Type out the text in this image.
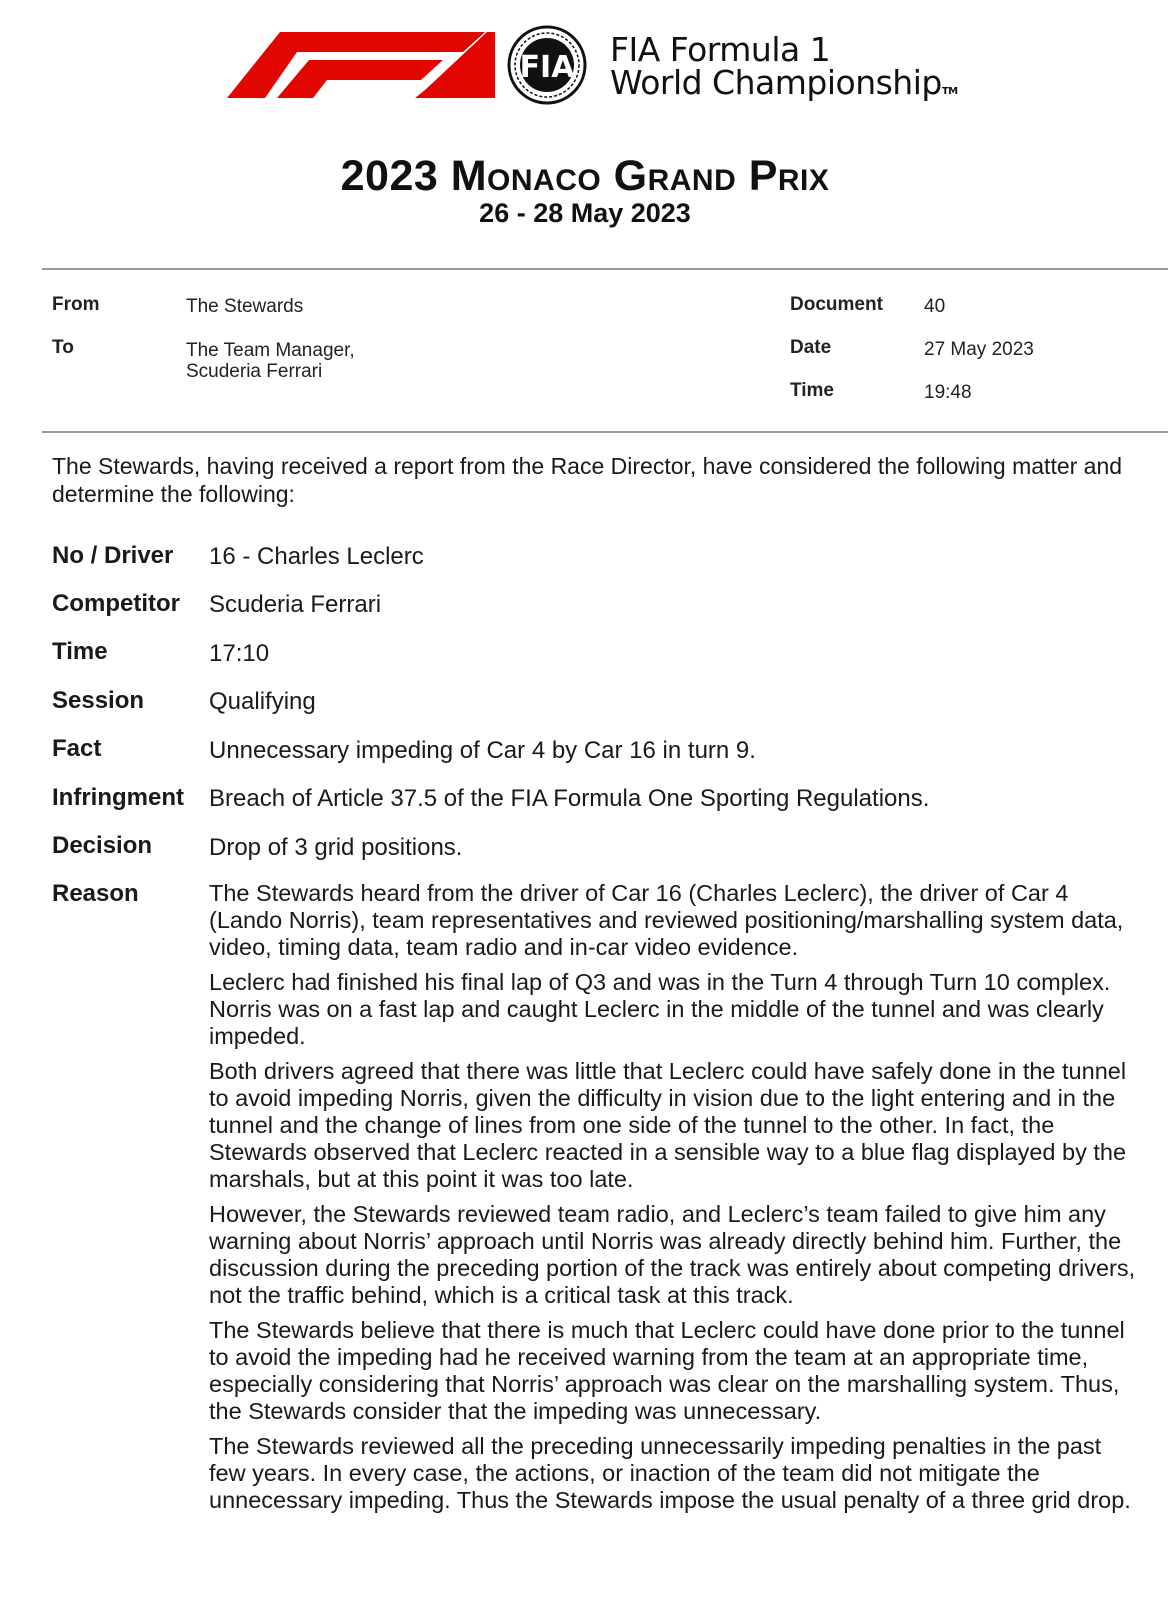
FIA FIA Formula 1
World ChampionshipTM
2023 Monaco Grand Prix
26 - 28 May 2023
From	The Stewards
To	The Team Manager,
Scuderia Ferrari
Document 40
Date	27 May 2023
Time	19:48
The Stewards, having received a report from the Race Director, have considered the following matter and determine the following:
No / Driver 16 - Charles Leclerc
Competitor Scuderia Ferrari
Time	17:10
Session	Qualifying
Fact	Unnecessary impeding of Car 4 by Car 16 in turn 9.
Infringment Breach of Article 37.5 of the FIA Formula One Sporting Regulations.
Decision Drop of 3 grid positions.
Reason	The Stewards heard from the driver of Car 16 (Charles Leclerc), the driver of Car 4 (Lando Norris), team representatives and reviewed positioning/marshalling system data, video, timing data, team radio and in-car video evidence.

Leclerc had finished his final lap of Q3 and was in the Turn 4 through Turn 10 complex. Norris was on a fast lap and caught Leclerc in the middle of the tunnel and was clearly impeded.

Both drivers agreed that there was little that Leclerc could have safely done in the tunnel to avoid impeding Norris, given the difficulty in vision due to the light entering and in the tunnel and the change of lines from one side of the tunnel to the other. In fact, the Stewards observed that Leclerc reacted in a sensible way to a blue flag displayed by the marshals, but at this point it was too late.

However, the Stewards reviewed team radio, and Leclerc’s team failed to give him any warning about Norris’ approach until Norris was already directly behind him. Further, the discussion during the preceding portion of the track was entirely about competing drivers, not the traffic behind, which is a critical task at this track.

The Stewards believe that there is much that Leclerc could have done prior to the tunnel to avoid the impeding had he received warning from the team at an appropriate time, especially considering that Norris’ approach was clear on the marshalling system. Thus, the Stewards consider that the impeding was unnecessary.

The Stewards reviewed all the preceding unnecessarily impeding penalties in the past few years. In every case, the actions, or inaction of the team did not mitigate the unnecessary impeding. Thus the Stewards impose the usual penalty of a three grid drop.
